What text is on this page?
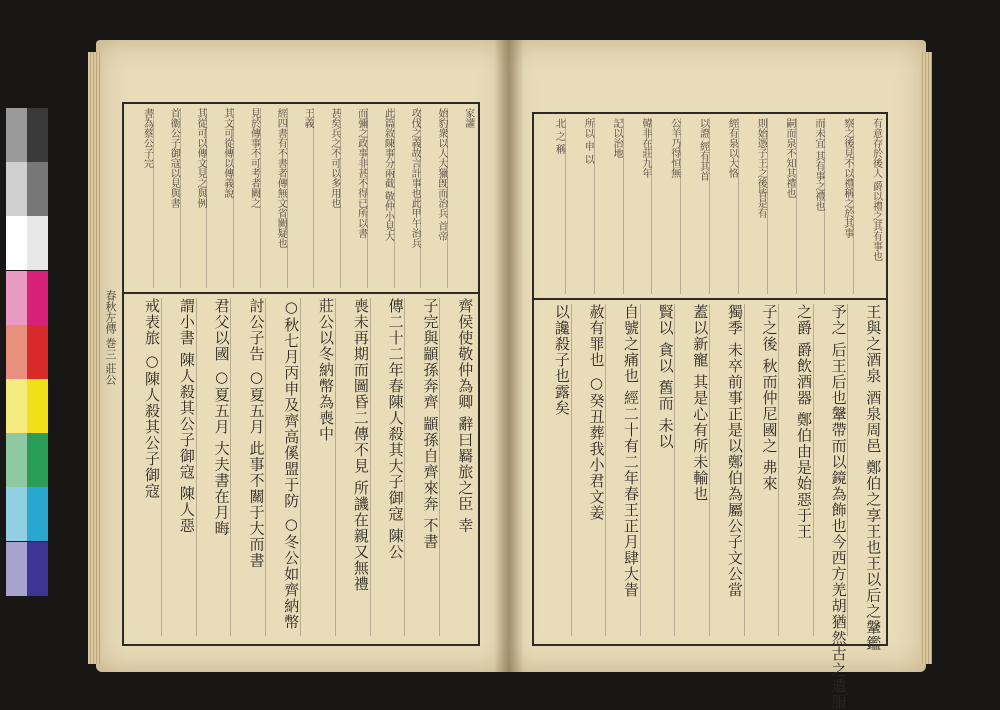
春秋左傳 巻三 莊公
家讙
始豹衆以人大獵旣而治兵 首帝
攻伐之義故言計事也此甲午治兵
此篇敘陳事分兩截 敬仲小見大
而彌之政事非甚不得已所以書
甚矣兵之不可以多用也
王義
經四書有不書者傳無文省闕疑也
見於傳事不可考者闕之
其文可從傳以傳義說
其從可以傳文見之與例
首衞公子御寇以見與書
書為蔡公子完
齊侯使敬仲為卿 辭曰羇旅之臣 幸
子完與顓孫奔齊 顓孫自齊來奔 不書
傳二十二年春陳人殺其大子御寇 陳公
喪未再期而圖昏二傳不見 所譏在親又無禮
莊公以冬納幣為喪中
○秋七月丙申及齊高傒盟于防 ○冬公如齊納幣
討公子告 ○夏五月 此事不關于大而書
君父以國 ○夏五月 大夫書在月晦
謂小書 陳人殺其公子御寇 陳人惡
戒表旅 ○陳人殺其公子御寇
有意存於後人 爵以禮之其有事也
察之後見不以禮稱之於其事
而未宜 其有事之禮也
嗣而泉不知其禮也
則始憑子王之後皆是有
經有泉以大恪
以證 經有其首
公羊乃得恒無
韓非在莊九年
記以治地
所以 申 以
北 之 稱
王與之酒泉 酒泉周邑 鄭伯之享王也王以后之鞶鑑
予之 后王后也鞶帶而以鏡為飾也今西方羌胡猶然古之遺服
之爵 爵飲酒器 鄭伯由是始惡于王
子之後 秋而仲尼國之 弗來
獨季 未卒前事正是以鄭伯為屬公子文公當
蓋以新寵 其是心有所未輸也
賢以 貪以 舊而 未以
自號之痛也 經二十有二年春王正月肆大眚
赦有罪也 ○癸丑葬我小君文姜
以讒殺子也露矣
